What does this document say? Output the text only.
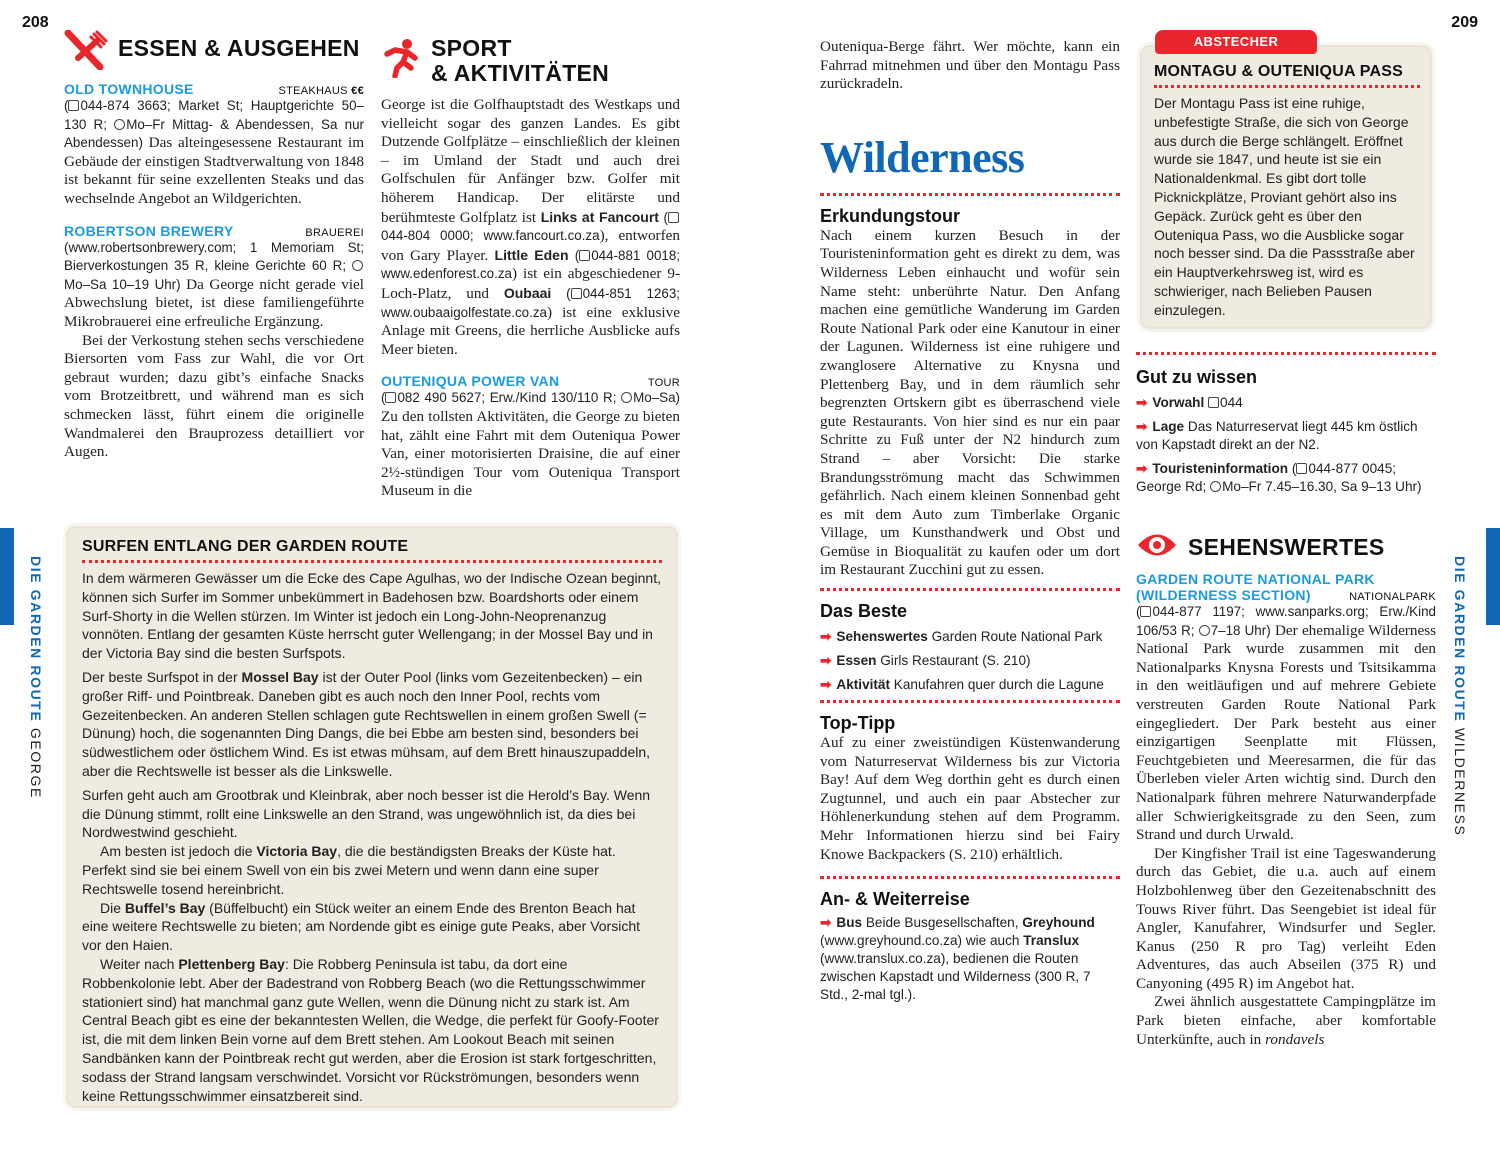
208	209
DIE GARDEN ROUTE GEORGE
DIE GARDEN ROUTE WILDERNESS
ESSEN & AUSGEHEN
OLD TOWNHOUSE	STEAKHAUS €€
( 044-874 3663; Market St; Hauptgerichte 50–130 R; Mo–Fr Mittag- & Abendessen, Sa nur Abendessen) Das alteingesessene Restaurant im Gebäude der einstigen Stadtverwaltung von 1848 ist bekannt für seine exzellenten Steaks und das wechselnde Angebot an Wildgerichten.
ROBERTSON BREWERY	BRAUEREI

(www.robertsonbrewery.com; 1 Memoriam St; Bierverkostungen 35 R, kleine Gerichte 60 R; Mo–Sa 10–19 Uhr) Da George nicht gerade viel Abwechslung bietet, ist diese familiengeführte Mikrobrauerei eine erfreuliche Ergänzung.

Bei der Verkostung stehen sechs verschiedene Biersorten vom Fass zur Wahl, die vor Ort gebraut wurden; dazu gibt’s einfache Snacks vom Brotzeitbrett, und während man es sich schmecken lässt, führt einem die originelle Wandmalerei den Brauprozess detailliert vor Augen.

SPORT
& AKTIVITÄTEN
George ist die Golfhauptstadt des Westkaps und vielleicht sogar des ganzen Landes. Es gibt Dutzende Golfplätze – einschließlich der kleinen – im Umland der Stadt und auch drei Golfschulen für Anfänger bzw. Golfer mit höherem Handicap. Der elitärste und berühmteste Golfplatz ist Links at Fancourt (044-804 0000; www.fancourt.co.za), entworfen von Gary Player. Little Eden ( 044-881 0018; www.edenforest.co.za) ist ein abgeschiedener 9-Loch-Platz, und Oubaai ( 044-851 1263; www.oubaaigolfestate.co.za) ist eine exklusive Anlage mit Greens, die herrliche Ausblicke aufs Meer bieten.
OUTENIQUA POWER VAN	TOUR
( 082 490 5627; Erw./Kind 130/110 R; Mo–Sa) Zu den tollsten Aktivitäten, die George zu bieten hat, zählt eine Fahrt mit dem Outeniqua Power Van, einer motorisierten Draisine, die auf einer 2½-stündigen Tour vom Outeniqua Transport Museum in die
SURFEN ENTLANG DER GARDEN ROUTE

In dem wärmeren Gewässer um die Ecke des Cape Agulhas, wo der Indische Ozean beginnt, können sich Surfer im Sommer unbekümmert in Badehosen bzw. Boardshorts oder einem Surf-Shorty in die Wellen stürzen. Im Winter ist jedoch ein Long-John-Neoprenanzug vonnöten. Entlang der gesamten Küste herrscht guter Wellengang; in der Mossel Bay und in der Victoria Bay sind die besten Surfspots.

Der beste Surfspot in der Mossel Bay ist der Outer Pool (links vom Gezeitenbecken) – ein großer Riff- und Pointbreak. Daneben gibt es auch noch den Inner Pool, rechts vom Gezeitenbecken. An anderen Stellen schlagen gute Rechtswellen in einem großen Swell (= Dünung) hoch, die sogenannten Ding Dangs, die bei Ebbe am besten sind, besonders bei südwestlichem oder östlichem Wind. Es ist etwas mühsam, auf dem Brett hinauszupaddeln, aber die Rechtswelle ist besser als die Linkswelle.

Surfen geht auch am Grootbrak und Kleinbrak, aber noch besser ist die Herold’s Bay. Wenn die Dünung stimmt, rollt eine Linkswelle an den Strand, was ungewöhnlich ist, da dies bei Nordwestwind geschieht.

Am besten ist jedoch die Victoria Bay, die die beständigsten Breaks der Küste hat. Perfekt sind sie bei einem Swell von ein bis zwei Metern und wenn dann eine super Rechtswelle tosend hereinbricht.

Die Buffel’s Bay (Büffelbucht) ein Stück weiter an einem Ende des Brenton Beach hat eine weitere Rechtswelle zu bieten; am Nordende gibt es einige gute Peaks, aber Vorsicht vor den Haien.

Weiter nach Plettenberg Bay: Die Robberg Peninsula ist tabu, da dort eine Robbenkolonie lebt. Aber der Badestrand von Robberg Beach (wo die Rettungsschwimmer stationiert sind) hat manchmal ganz gute Wellen, wenn die Dünung nicht zu stark ist. Am Central Beach gibt es eine der bekanntesten Wellen, die Wedge, die perfekt für Goofy-Footer ist, die mit dem linken Bein vorne auf dem Brett stehen. Am Lookout Beach mit seinen Sandbänken kann der Pointbreak recht gut werden, aber die Erosion ist stark fortgeschritten, sodass der Strand langsam verschwindet. Vorsicht vor Rückströmungen, besonders wenn keine Rettungsschwimmer einsatzbereit sind.

Outeniqua-Berge fährt. Wer möchte, kann ein Fahrrad mitnehmen und über den Montagu Pass zurückradeln.
Wilderness
Erkundungstour
Nach einem kurzen Besuch in der Touristeninformation geht es direkt zu dem, was Wilderness Leben einhaucht und wofür sein Name steht: unberührte Natur. Den Anfang machen eine gemütliche Wanderung im Garden Route National Park oder eine Kanutour in einer der Lagunen. Wilderness ist eine ruhigere und zwanglosere Alternative zu Knysna und Plettenberg Bay, und in dem räumlich sehr begrenzten Ortskern gibt es überraschend viele gute Restaurants. Von hier sind es nur ein paar Schritte zu Fuß unter der N2 hindurch zum Strand – aber Vorsicht: Die starke Brandungsströmung macht das Schwimmen gefährlich. Nach einem kleinen Sonnenbad geht es mit dem Auto zum Timberlake Organic Village, um Kunsthandwerk und Obst und Gemüse in Bioqualität zu kaufen oder um dort im Restaurant Zucchini gut zu essen.
Das Beste
➡ Sehenswertes Garden Route National Park
➡ Essen Girls Restaurant (S. 210)
➡ Aktivität Kanufahren quer durch die Lagune
Top-Tipp
Auf zu einer zweistündigen Küstenwanderung vom Naturreservat Wilderness bis zur Victoria Bay! Auf dem Weg dorthin geht es durch einen Zugtunnel, und auch ein paar Abstecher zur Höhlenerkundung stehen auf dem Programm. Mehr Informationen hierzu sind bei Fairy Knowe Backpackers (S. 210) erhältlich.
An- & Weiterreise
➡ Bus Beide Busgesellschaften, Greyhound (www.greyhound.co.za) wie auch Translux (www.translux.co.za), bedienen die Routen zwischen Kapstadt und Wilderness (300 R, 7 Std., 2-mal tgl.).
MONTAGU & OUTENIQUA PASS
Der Montagu Pass ist eine ruhige, unbefestigte Straße, die sich von George aus durch die Berge schlängelt. Eröffnet wurde sie 1847, und heute ist sie ein Nationaldenkmal. Es gibt dort tolle Picknickplätze, Proviant gehört also ins Gepäck. Zurück geht es über den Outeniqua Pass, wo die Ausblicke sogar noch besser sind. Da die Passstraße aber ein Hauptverkehrsweg ist, wird es schwieriger, nach Belieben Pausen einzulegen.
ABSTECHER
Gut zu wissen
➡ Vorwahl 044
➡ Lage Das Naturreservat liegt 445 km östlich von Kapstadt direkt an der N2.
➡ Touristeninformation ( 044-877 0045; George Rd; Mo–Fr 7.45–16.30, Sa 9–13 Uhr)
SEHENSWERTES
GARDEN ROUTE NATIONAL PARK
(WILDERNESS SECTION)	NATIONALPARK

( 044-877 1197; www.sanparks.org; Erw./Kind 106/53 R; 7–18 Uhr) Der ehemalige Wilderness National Park wurde zusammen mit den Nationalparks Knysna Forests und Tsitsikamma in den weitläufigen und auf mehrere Gebiete verstreuten Garden Route National Park eingegliedert. Der Park besteht aus einer einzigartigen Seenplatte mit Flüssen, Feuchtgebieten und Meeresarmen, die für das Überleben vieler Arten wichtig sind. Durch den Nationalpark führen mehrere Naturwanderpfade aller Schwierigkeitsgrade zu den Seen, zum Strand und durch Urwald.

Der Kingfisher Trail ist eine Tageswanderung durch das Gebiet, die u.a. auch auf einem Holzbohlenweg über den Gezeitenabschnitt des Touws River führt. Das Seengebiet ist ideal für Angler, Kanufahrer, Windsurfer und Segler. Kanus (250 R pro Tag) verleiht Eden Adventures, das auch Abseilen (375 R) und Canyoning (495 R) im Angebot hat.

Zwei ähnlich ausgestattete Campingplätze im Park bieten einfache, aber komfortable Unterkünfte, auch in rondavels
